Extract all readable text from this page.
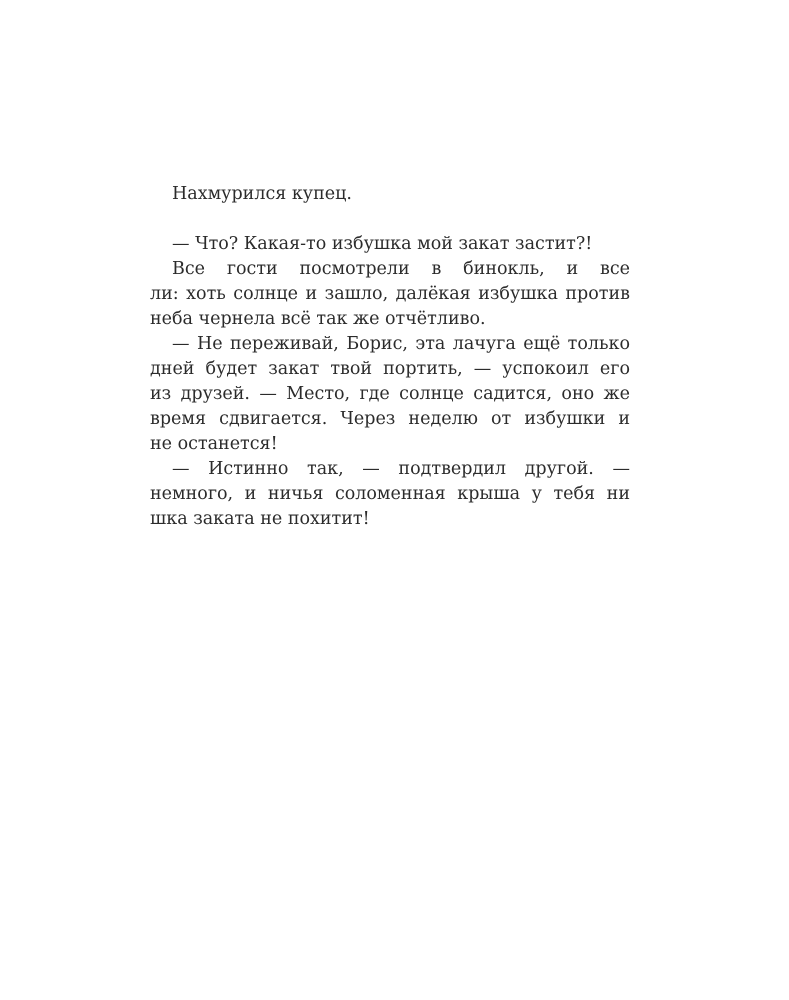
Нахмурился купец.
— Что? Какая-то избушка мой закат застит?!
Все гости посмотрели в бинокль, и все
ли: хоть солнце и зашло, далёкая избушка против
неба чернела всё так же отчётливо.
— Не переживай, Борис, эта лачуга ещё только
дней будет закат твой портить, — успокоил его
из друзей. — Место, где солнце садится, оно же
время сдвигается. Через неделю от избушки и
не останется!
— Истинно так, — подтвердил другой. —
немного, и ничья соломенная крыша у тебя ни
шка заката не похитит!
